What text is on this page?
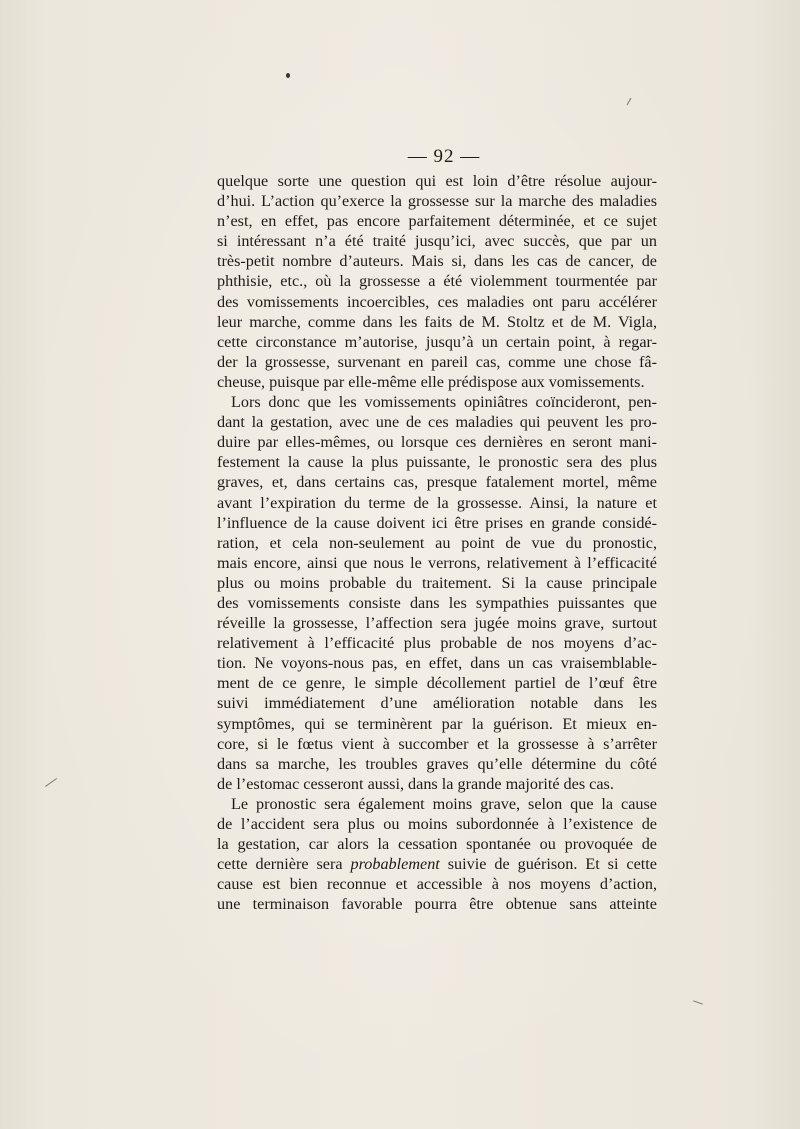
— 92 —
quelque sorte une question qui est loin d’être résolue aujour-
d’hui. L’action qu’exerce la grossesse sur la marche des maladies
n’est, en effet, pas encore parfaitement déterminée, et ce sujet
si intéressant n’a été traité jusqu’ici, avec succès, que par un
très-petit nombre d’auteurs. Mais si, dans les cas de cancer, de
phthisie, etc., où la grossesse a été violemment tourmentée par
des vomissements incoercibles, ces maladies ont paru accélérer
leur marche, comme dans les faits de M. Stoltz et de M. Vigla,
cette circonstance m’autorise, jusqu’à un certain point, à regar-
der la grossesse, survenant en pareil cas, comme une chose fâ-
cheuse, puisque par elle-même elle prédispose aux vomissements.
Lors donc que les vomissements opiniâtres coïncideront, pen-
dant la gestation, avec une de ces maladies qui peuvent les pro-
duire par elles-mêmes, ou lorsque ces dernières en seront mani-
festement la cause la plus puissante, le pronostic sera des plus
graves, et, dans certains cas, presque fatalement mortel, même
avant l’expiration du terme de la grossesse. Ainsi, la nature et
l’influence de la cause doivent ici être prises en grande considé-
ration, et cela non-seulement au point de vue du pronostic,
mais encore, ainsi que nous le verrons, relativement à l’efficacité
plus ou moins probable du traitement. Si la cause principale
des vomissements consiste dans les sympathies puissantes que
réveille la grossesse, l’affection sera jugée moins grave, surtout
relativement à l’efficacité plus probable de nos moyens d’ac-
tion. Ne voyons-nous pas, en effet, dans un cas vraisemblable-
ment de ce genre, le simple décollement partiel de l’œuf être
suivi immédiatement d’une amélioration notable dans les
symptômes, qui se terminèrent par la guérison. Et mieux en-
core, si le fœtus vient à succomber et la grossesse à s’arrêter
dans sa marche, les troubles graves qu’elle détermine du côté
de l’estomac cesseront aussi, dans la grande majorité des cas.
Le pronostic sera également moins grave, selon que la cause
de l’accident sera plus ou moins subordonnée à l’existence de
la gestation, car alors la cessation spontanée ou provoquée de
cette dernière sera probablement suivie de guérison. Et si cette
cause est bien reconnue et accessible à nos moyens d’action,
une terminaison favorable pourra être obtenue sans atteinte
